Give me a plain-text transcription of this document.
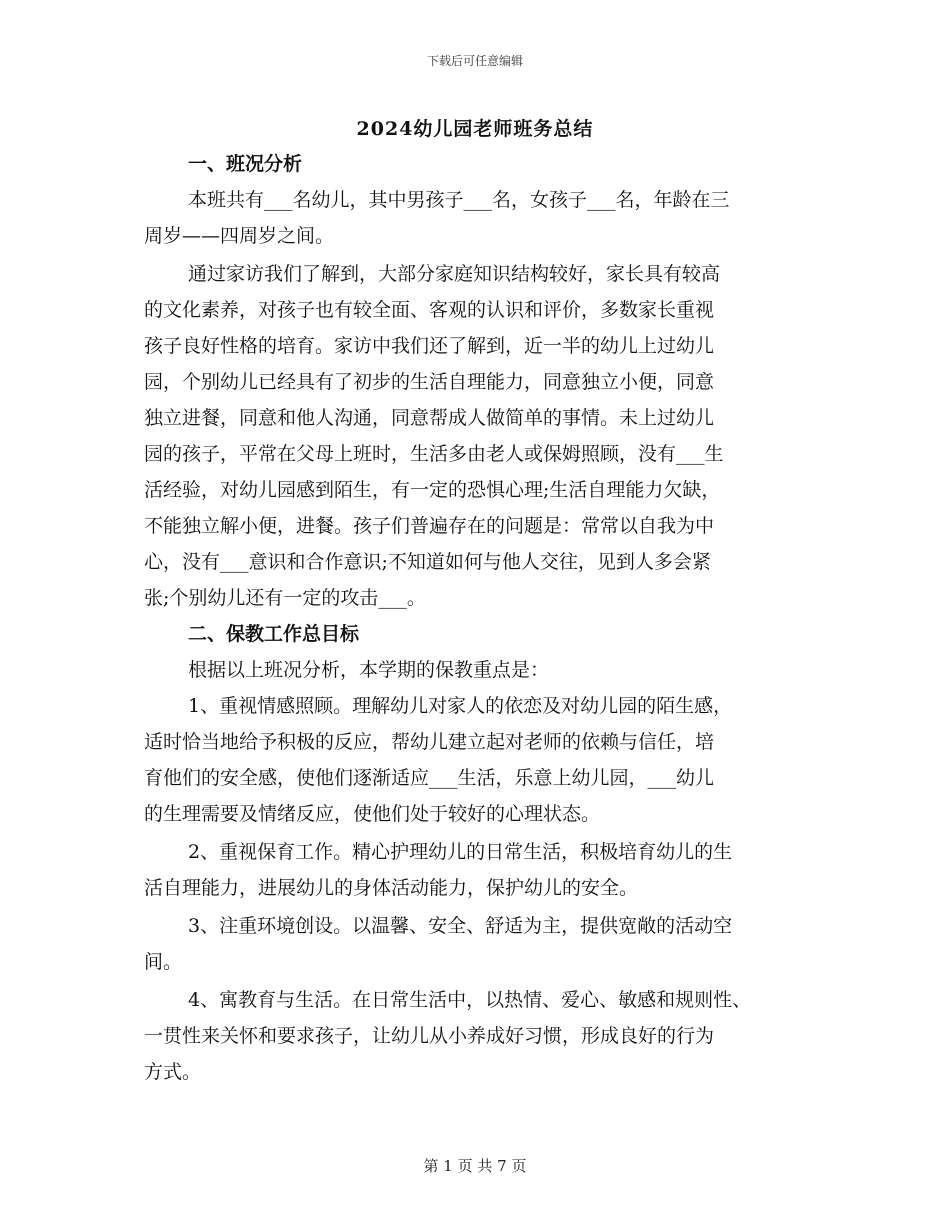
下载后可任意编辑
2024幼儿园老师班务总结
一、班况分析
本班共有___名幼儿，其中男孩子___名，女孩子___名，年龄在三
周岁——四周岁之间。
通过家访我们了解到，大部分家庭知识结构较好，家长具有较高
的文化素养，对孩子也有较全面、客观的认识和评价，多数家长重视
孩子良好性格的培育。家访中我们还了解到，近一半的幼儿上过幼儿
园，个别幼儿已经具有了初步的生活自理能力，同意独立小便，同意
独立进餐，同意和他人沟通，同意帮成人做简单的事情。未上过幼儿
园的孩子，平常在父母上班时，生活多由老人或保姆照顾，没有___生
活经验，对幼儿园感到陌生，有一定的恐惧心理;生活自理能力欠缺，
不能独立解小便，进餐。孩子们普遍存在的问题是：常常以自我为中
心，没有___意识和合作意识;不知道如何与他人交往，见到人多会紧
张;个别幼儿还有一定的攻击___。
二、保教工作总目标
根据以上班况分析，本学期的保教重点是：
1、重视情感照顾。理解幼儿对家人的依恋及对幼儿园的陌生感，
适时恰当地给予积极的反应，帮幼儿建立起对老师的依赖与信任，培
育他们的安全感，使他们逐渐适应___生活，乐意上幼儿园，___幼儿
的生理需要及情绪反应，使他们处于较好的心理状态。
2、重视保育工作。精心护理幼儿的日常生活，积极培育幼儿的生
活自理能力，进展幼儿的身体活动能力，保护幼儿的安全。
3、注重环境创设。以温馨、安全、舒适为主，提供宽敞的活动空
间。
4、寓教育与生活。在日常生活中，以热情、爱心、敏感和规则性、
一贯性来关怀和要求孩子，让幼儿从小养成好习惯，形成良好的行为
方式。
第 1 页 共 7 页
